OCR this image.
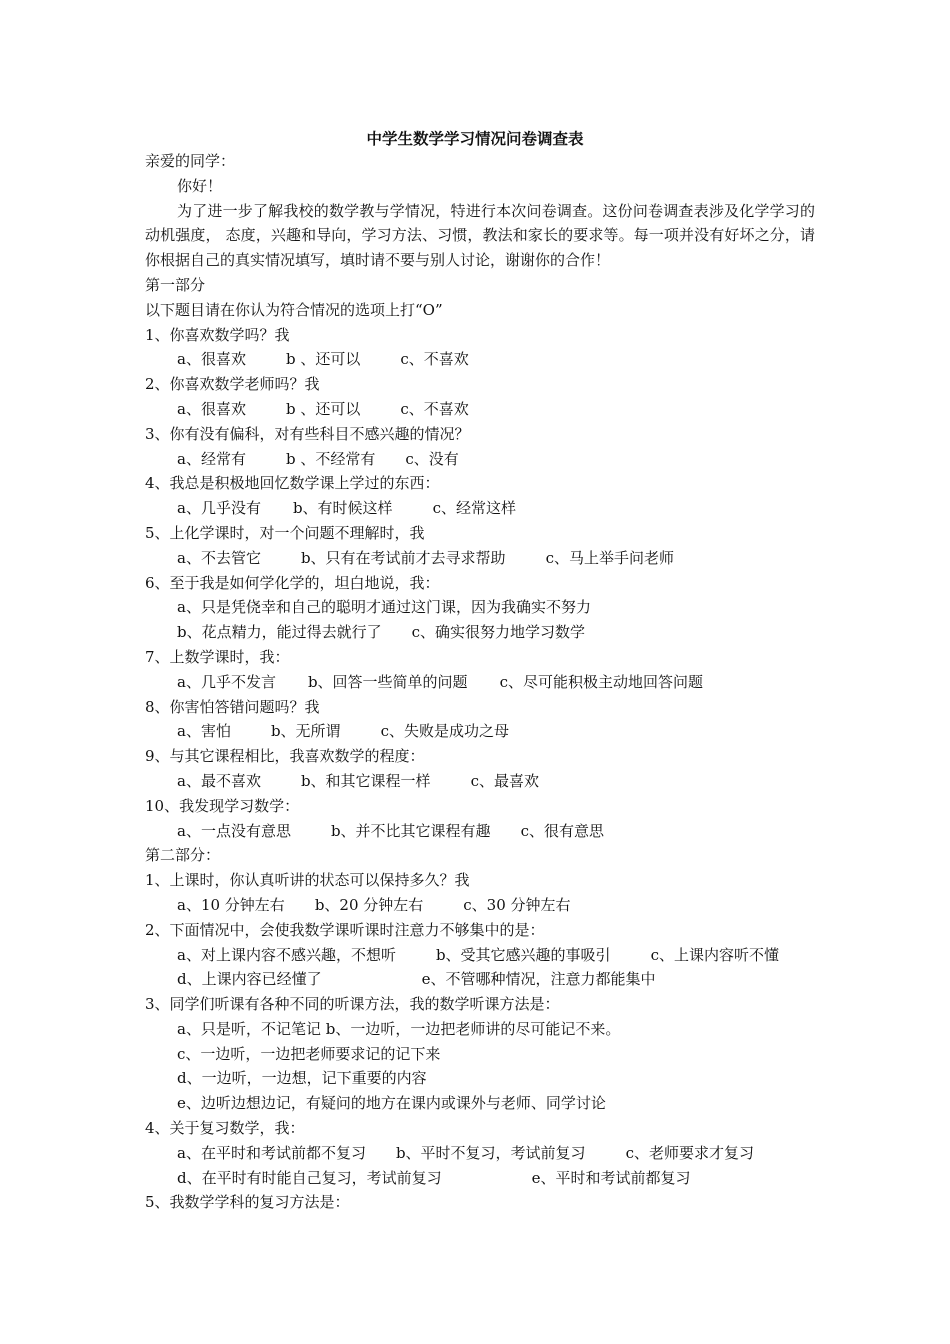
中学生数学学习情况问卷调查表
亲爱的同学：
你好！
为了进一步了解我校的数学教与学情况，特进行本次问卷调查。这份问卷调查表涉及化学学习的动机强度， 态度，兴趣和导向，学习方法、习惯，教法和家长的要求等。每一项并没有好坏之分，请你根据自己的真实情况填写，填时请不要与别人讨论，谢谢你的合作！
第一部分
以下题目请在你认为符合情况的选项上打“O”
1、你喜欢数学吗？我
a、很喜欢	b 、还可以	c、不喜欢
2、你喜欢数学老师吗？我
a、很喜欢	b 、还可以	c、不喜欢
3、你有没有偏科，对有些科目不感兴趣的情况？
a、经常有	b 、不经常有 c、没有
4、我总是积极地回忆数学课上学过的东西：
a、几乎没有 b、有时候这样	c、经常这样
5、上化学课时，对一个问题不理解时，我
a、不去管它	b、只有在考试前才去寻求帮助	c、马上举手问老师
6、至于我是如何学化学的，坦白地说，我：
a、只是凭侥幸和自己的聪明才通过这门课，因为我确实不努力
b、花点精力，能过得去就行了 c、确实很努力地学习数学
7、上数学课时，我：
a、几乎不发言 b、回答一些简单的问题 c、尽可能积极主动地回答问题
8、你害怕答错问题吗？我
a、害怕	b、无所谓	c、失败是成功之母
9、与其它课程相比，我喜欢数学的程度：
a、最不喜欢	b、和其它课程一样	c、最喜欢
10、我发现学习数学：
a、一点没有意思	b、并不比其它课程有趣 c、很有意思
第二部分：
1、上课时，你认真听讲的状态可以保持多久？我
a、10 分钟左右 b、20 分钟左右	c、30 分钟左右
2、下面情况中，会使我数学课听课时注意力不够集中的是：
a、对上课内容不感兴趣，不想听	b、受其它感兴趣的事吸引	c、上课内容听不懂
d、上课内容已经懂了	e、不管哪种情况，注意力都能集中
3、同学们听课有各种不同的听课方法，我的数学听课方法是：
a、只是听，不记笔记 b、一边听，一边把老师讲的尽可能记不来。
c、一边听，一边把老师要求记的记下来
d、一边听，一边想，记下重要的内容
e、边听边想边记，有疑问的地方在课内或课外与老师、同学讨论
4、关于复习数学，我：
a、在平时和考试前都不复习 b、平时不复习，考试前复习	c、老师要求才复习
d、在平时有时能自己复习，考试前复习	e、平时和考试前都复习
5、我数学学科的复习方法是：
